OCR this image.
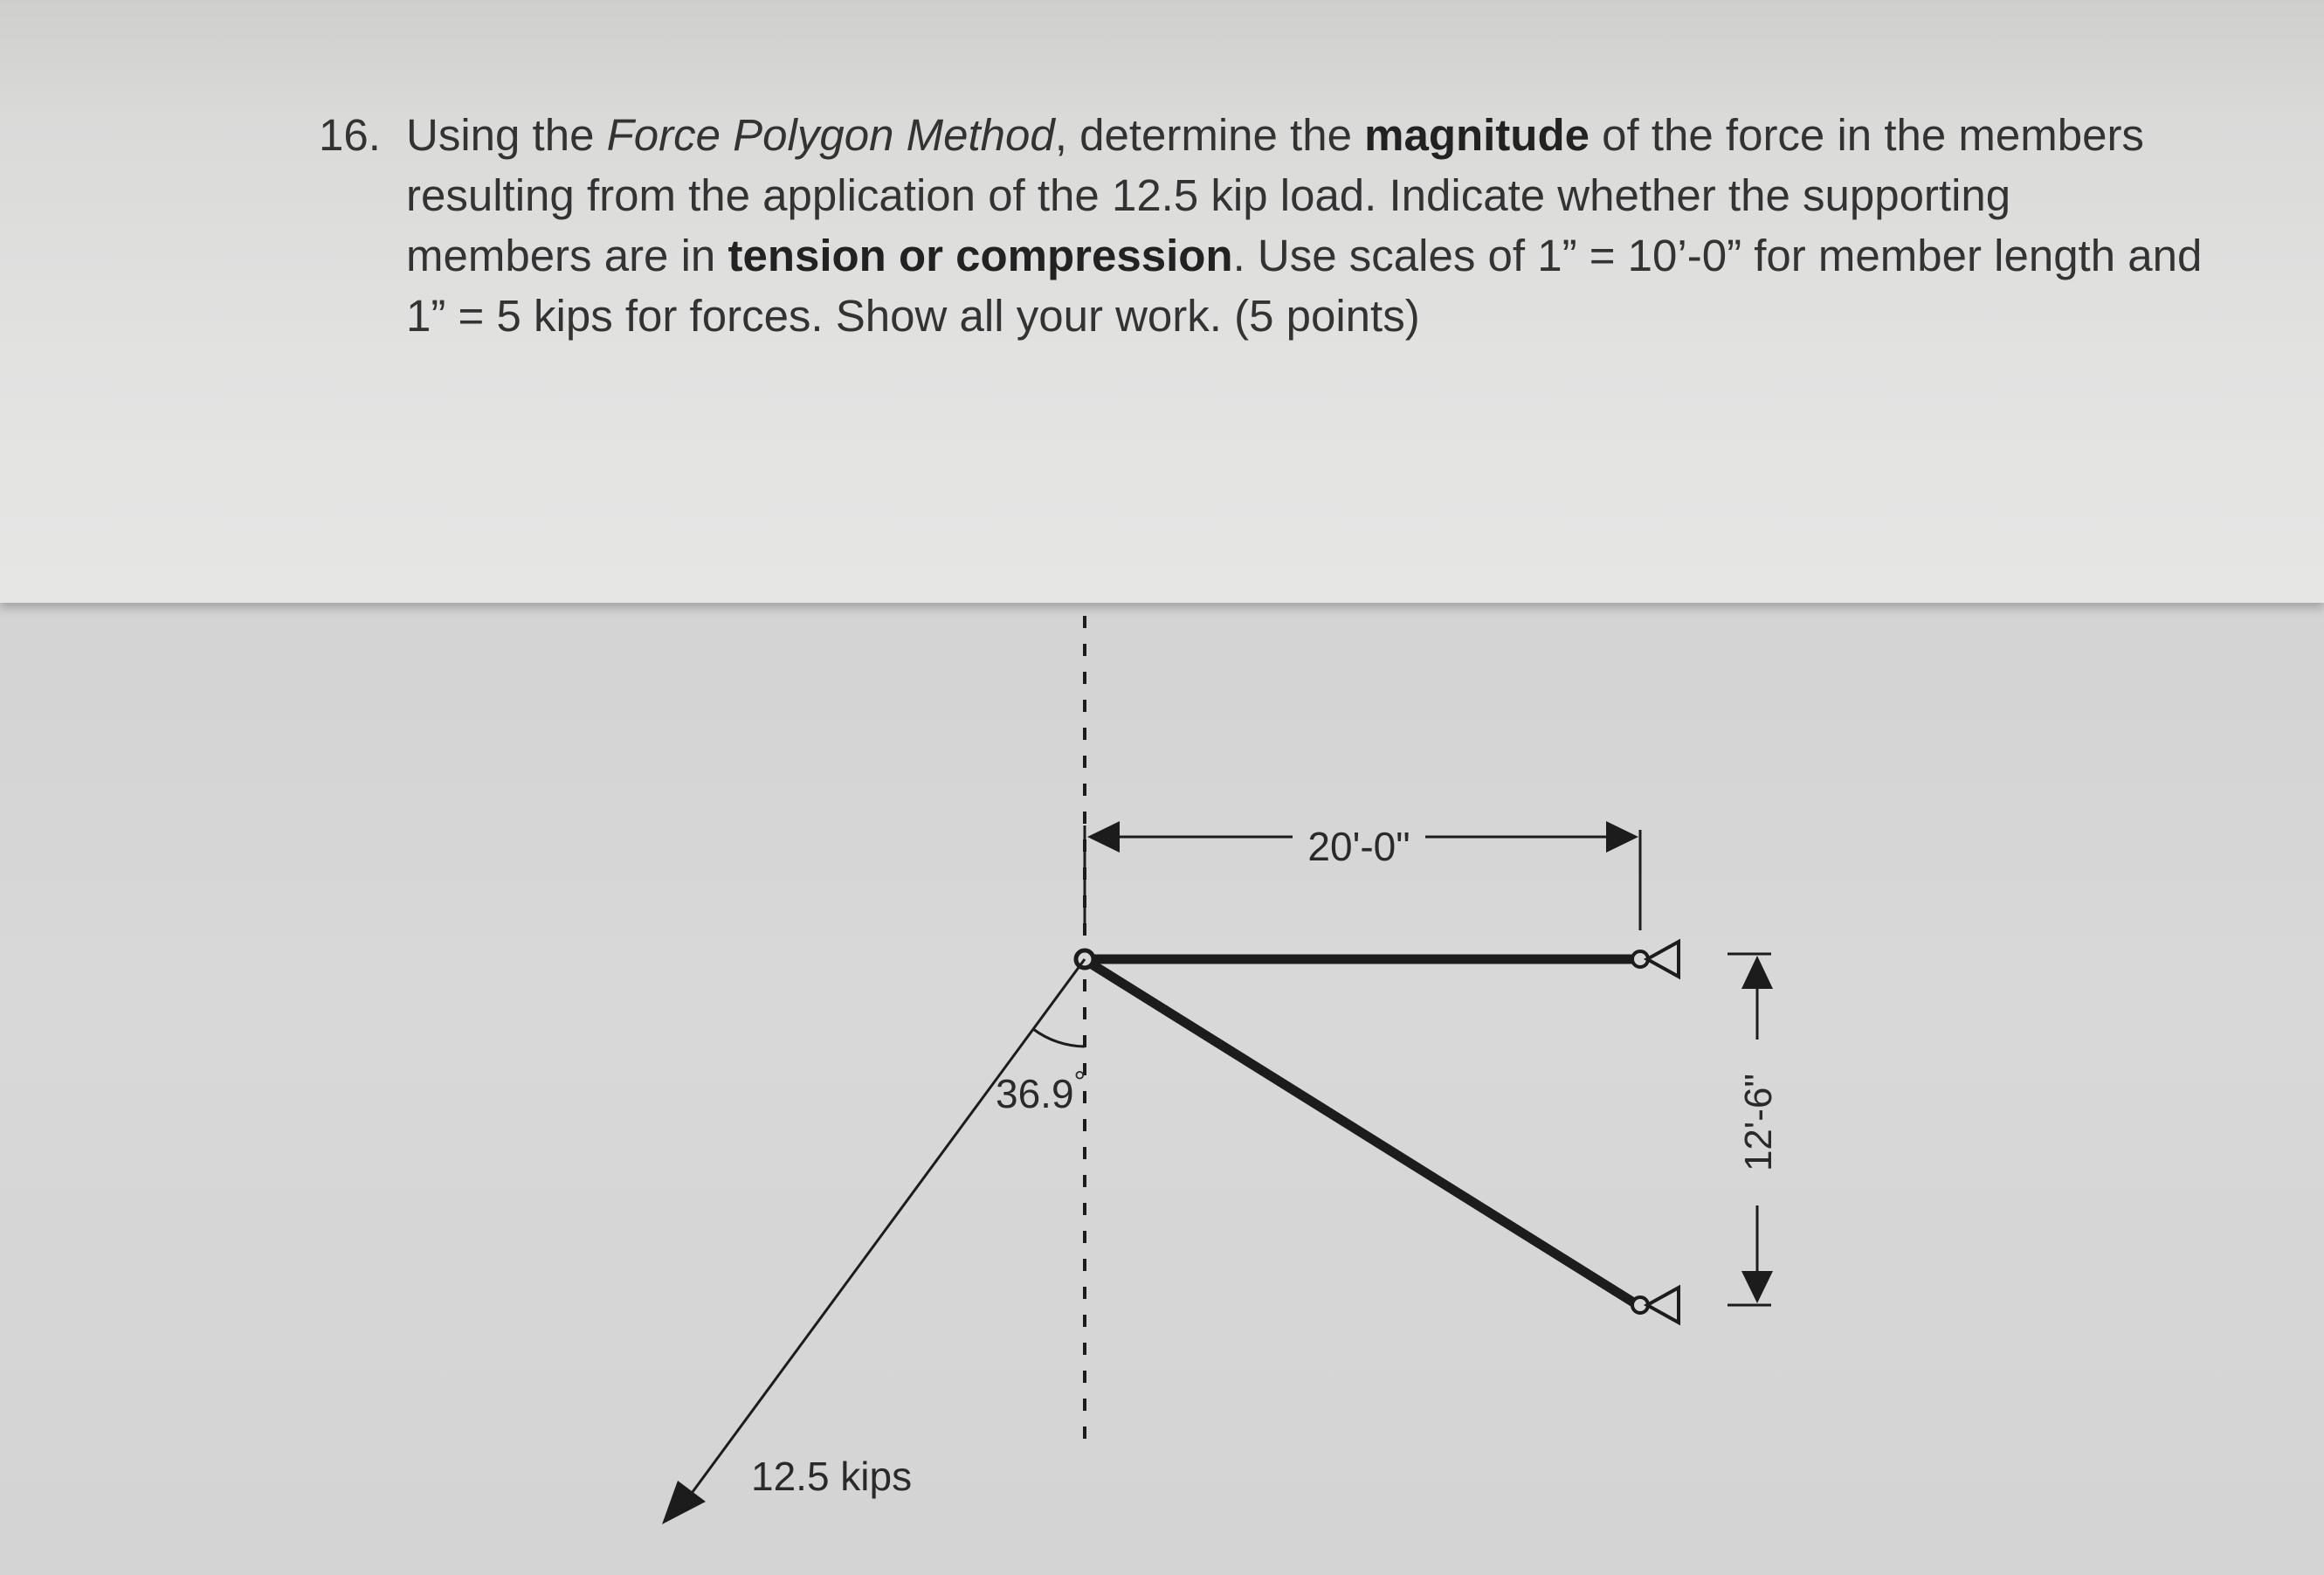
16. Using the Force Polygon Method, determine the magnitude of the force in the members resulting from the application of the 12.5 kip load. Indicate whether the supporting members are in tension or compression. Use scales of 1” = 10’-0” for member length and 1” = 5 kips for forces. Show all your work. (5 points)
20'-0"
12'-6"
36.9°
12.5 kips
